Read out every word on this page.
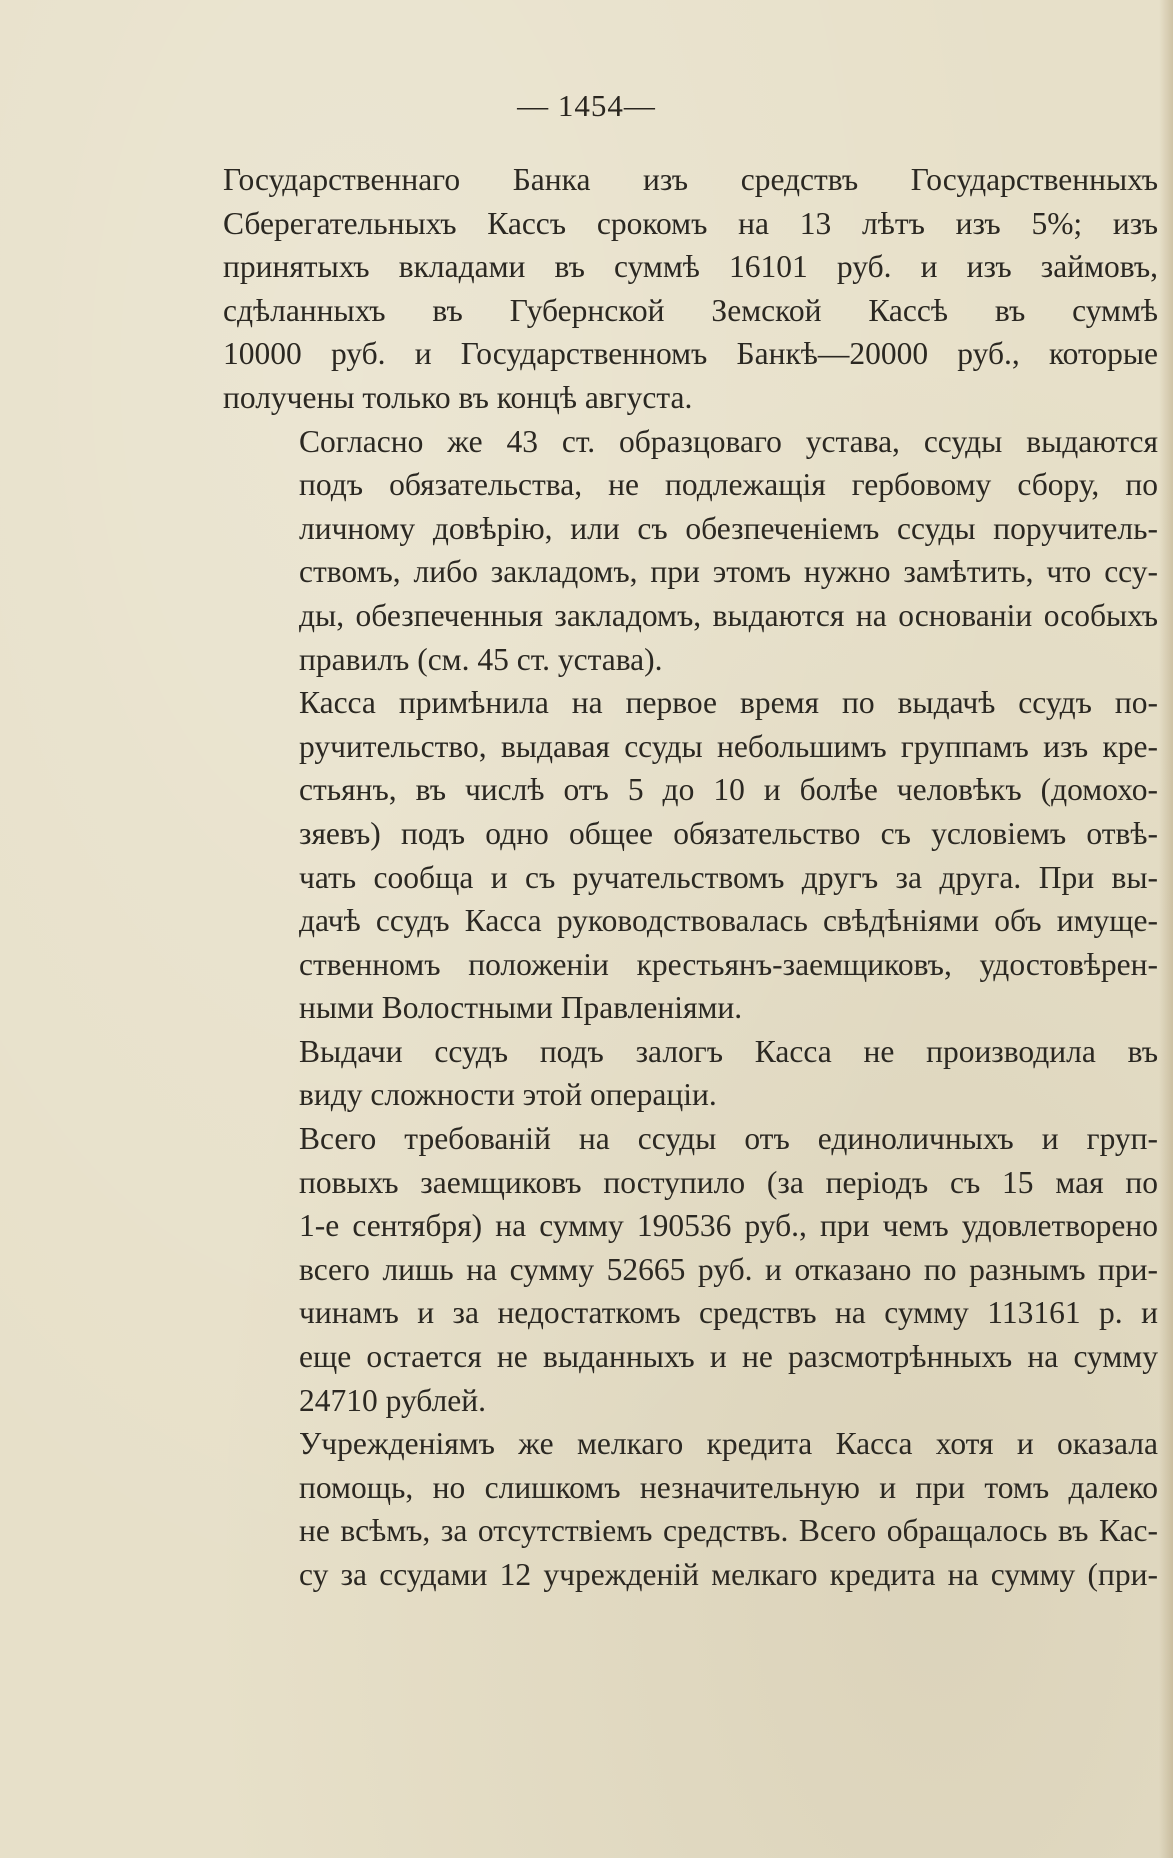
— 1454—
Государственнаго Банка изъ средствъ Государственныхъ
Сберегательныхъ Кассъ срокомъ на 13 лѣтъ изъ 5%; изъ
принятыхъ вкладами въ суммѣ 16101 руб. и изъ займовъ,
сдѣланныхъ въ Губернской Земской Кассѣ въ суммѣ
10000 руб. и Государственномъ Банкѣ—20000 руб., которые
получены только въ концѣ августа.
Согласно же 43 ст. образцоваго устава, ссуды выдаются
подъ обязательства, не подлежащія гербовому сбору, по
личному довѣрію, или съ обезпеченіемъ ссуды поручитель-
ствомъ, либо закладомъ, при этомъ нужно замѣтить, что ссу-
ды, обезпеченныя закладомъ, выдаются на основаніи особыхъ
правилъ (см. 45 ст. устава).
Касса примѣнила на первое время по выдачѣ ссудъ по-
ручительство, выдавая ссуды небольшимъ группамъ изъ кре-
стьянъ, въ числѣ отъ 5 до 10 и болѣе человѣкъ (домохо-
зяевъ) подъ одно общее обязательство съ условіемъ отвѣ-
чать сообща и съ ручательствомъ другъ за друга. При вы-
дачѣ ссудъ Касса руководствовалась свѣдѣніями объ имуще-
ственномъ положеніи крестьянъ-заемщиковъ, удостовѣрен-
ными Волостными Правленіями.
Выдачи ссудъ подъ залогъ Касса не производила въ
виду сложности этой операціи.
Всего требованій на ссуды отъ единоличныхъ и груп-
повыхъ заемщиковъ поступило (за періодъ съ 15 мая по
1-е сентября) на сумму 190536 руб., при чемъ удовлетворено
всего лишь на сумму 52665 руб. и отказано по разнымъ при-
чинамъ и за недостаткомъ средствъ на сумму 113161 р. и
еще остается не выданныхъ и не разсмотрѣнныхъ на сумму
24710 рублей.
Учрежденіямъ же мелкаго кредита Касса хотя и оказала
помощь, но слишкомъ незначительную и при томъ далеко
не всѣмъ, за отсутствіемъ средствъ. Всего обращалось въ Кас-
су за ссудами 12 учрежденій мелкаго кредита на сумму (при-
